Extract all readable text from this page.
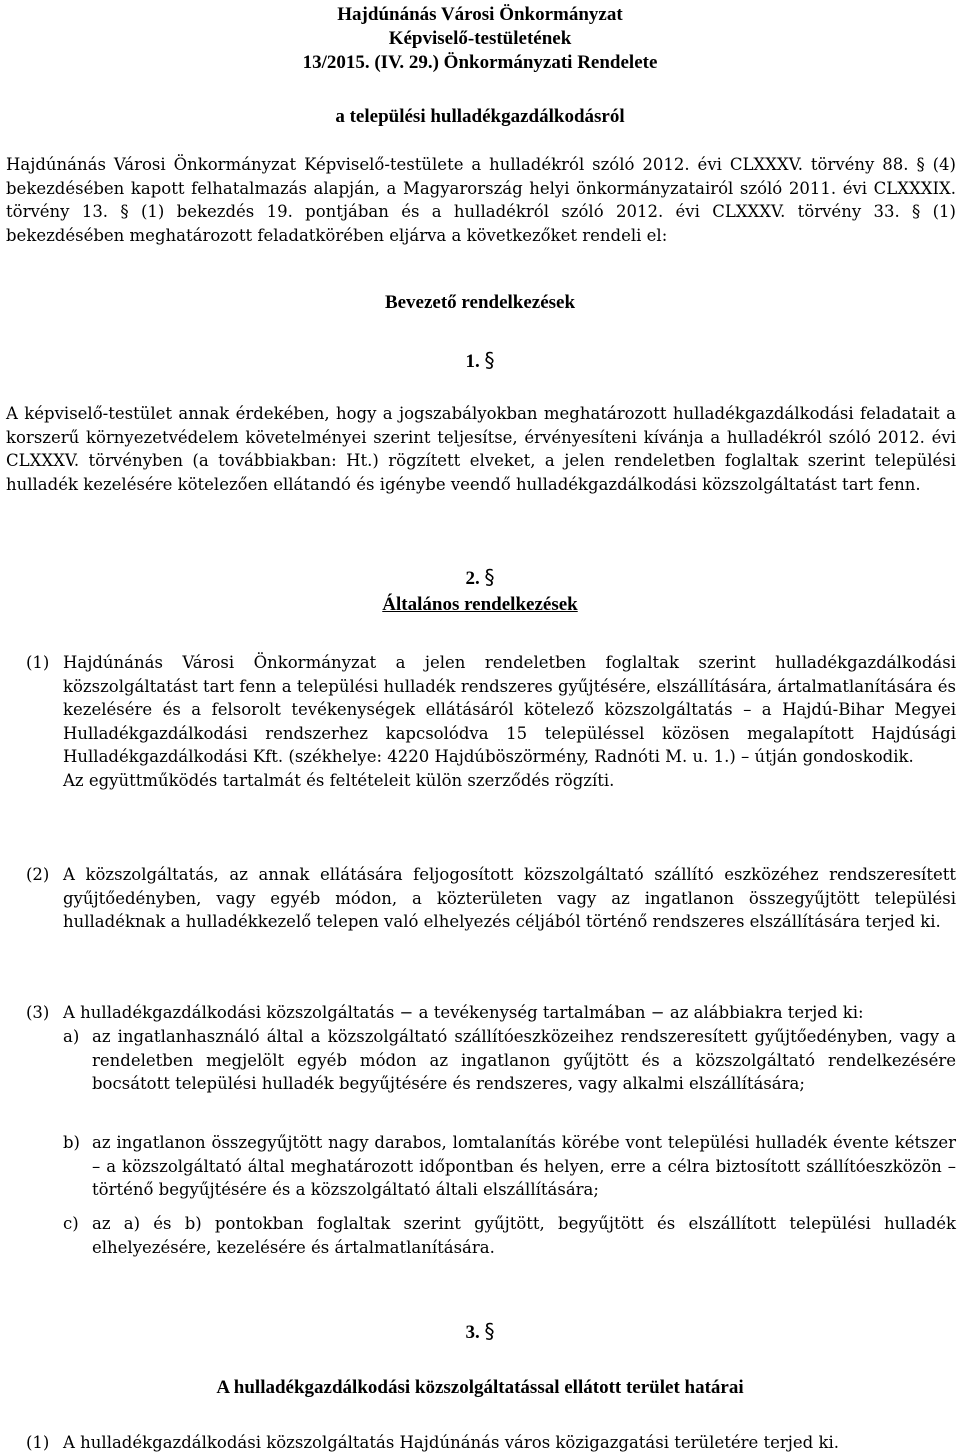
Hajdúnánás Városi Önkormányzat
Képviselő-testületének
13/2015. (IV. 29.) Önkormányzati Rendelete
a települési hulladékgazdálkodásról

Hajdúnánás Városi Önkormányzat Képviselő-testülete a hulladékról szóló 2012. évi CLXXXV. törvény 88. § (4) bekezdésében kapott felhatalmazás alapján, a Magyarország helyi önkormányzatairól szóló 2011. évi CLXXXIX. törvény 13. § (1) bekezdés 19. pontjában és a hulladékról szóló 2012. évi CLXXXV. törvény 33. § (1) bekezdésében meghatározott feladatkörében eljárva a következőket rendeli el:

Bevezető rendelkezések
1. §

A képviselő-testület annak érdekében, hogy a jogszabályokban meghatározott hulladékgazdálkodási feladatait a korszerű környezetvédelem követelményei szerint teljesítse, érvényesíteni kívánja a hulladékról szóló 2012. évi CLXXXV. törvényben (a továbbiakban: Ht.) rögzített elveket, a jelen rendeletben foglaltak szerint települési hulladék kezelésére kötelezően ellátandó és igénybe veendő hulladékgazdálkodási közszolgáltatást tart fenn.

2. §
Általános rendelkezések
(1) Hajdúnánás Városi Önkormányzat a jelen rendeletben foglaltak szerint hulladékgazdálkodási közszolgáltatást tart fenn a települési hulladék rendszeres gyűjtésére, elszállítására, ártalmatlanítására és kezelésére és a felsorolt tevékenységek ellátásáról kötelező közszolgáltatás – a Hajdú-Bihar Megyei Hulladékgazdálkodási rendszerhez kapcsolódva 15 településsel közösen megalapított Hajdúsági Hulladékgazdálkodási Kft. (székhelye: 4220 Hajdúböszörmény, Radnóti M. u. 1.) – útján gondoskodik.
Az együttműködés tartalmát és feltételeit külön szerződés rögzíti.
(2) A közszolgáltatás, az annak ellátására feljogosított közszolgáltató szállító eszközéhez rendszeresített gyűjtőedényben, vagy egyéb módon, a közterületen vagy az ingatlanon összegyűjtött települési hulladéknak a hulladékkezelő telepen való elhelyezés céljából történő rendszeres elszállítására terjed ki.
(3) A hulladékgazdálkodási közszolgáltatás − a tevékenység tartalmában − az alábbiakra terjed ki:
a) az ingatlanhasználó által a közszolgáltató szállítóeszközeihez rendszeresített gyűjtőedényben, vagy a rendeletben megjelölt egyéb módon az ingatlanon gyűjtött és a közszolgáltató rendelkezésére bocsátott települési hulladék begyűjtésére és rendszeres, vagy alkalmi elszállítására;
b) az ingatlanon összegyűjtött nagy darabos, lomtalanítás körébe vont települési hulladék évente kétszer – a közszolgáltató által meghatározott időpontban és helyen, erre a célra biztosított szállítóeszközön – történő begyűjtésére és a közszolgáltató általi elszállítására;
c) az a) és b) pontokban foglaltak szerint gyűjtött, begyűjtött és elszállított települési hulladék elhelyezésére, kezelésére és ártalmatlanítására.
3. §
A hulladékgazdálkodási közszolgáltatással ellátott terület határai
(1) A hulladékgazdálkodási közszolgáltatás Hajdúnánás város közigazgatási területére terjed ki.
